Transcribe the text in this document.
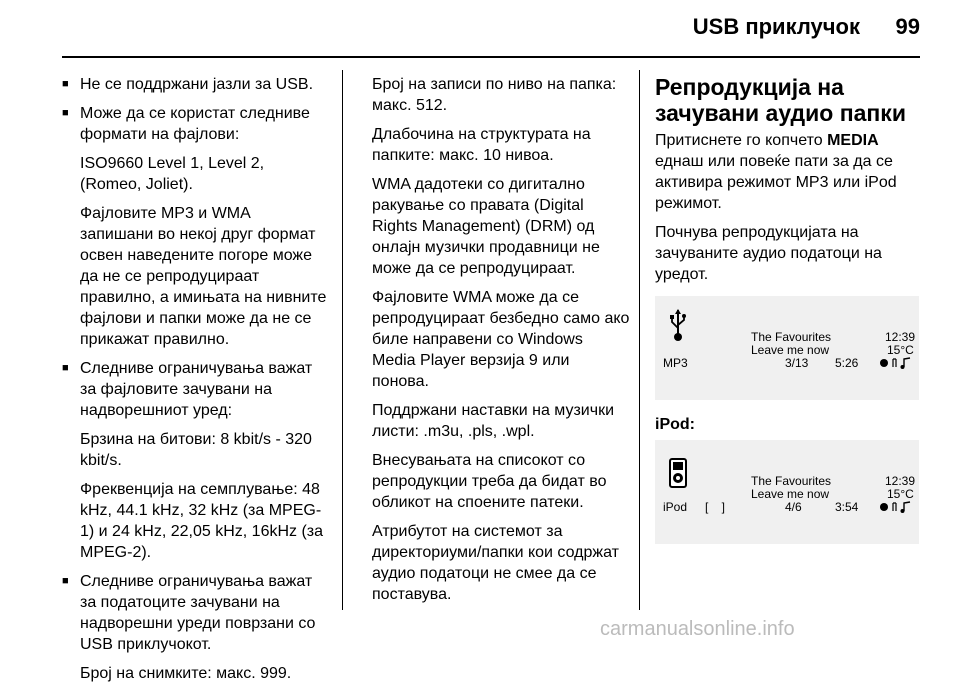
USB приклучок 99
■ Не се поддржани јазли за USB.
■ Може да се користат следниве формати на фајлови:

ISO9660 Level 1, Level 2, (Romeo, Joliet).

Фајловите MP3 и WMA запишани во некој друг формат освен наведените погоре може да не се репродуцираат правилно, а имињата на нивните фајлови и папки може да не се прикажат правилно.

■ Следниве ограничувања важат за фајловите зачувани на надворешниот уред:

Брзина на битови: 8 kbit/s - 320 kbit/s.

Фреквенција на семплување: 48 kHz, 44.1 kHz, 32 kHz (за MPEG-1) и 24 kHz, 22,05 kHz, 16kHz (за MPEG-2).

■ Следниве ограничувања важат за податоците зачувани на надворешни уреди поврзани со USB приклучокот.

Број на снимките: макс. 999.

Број на записи по ниво на папка: макс. 512.

Длабочина на структурата на папките: макс. 10 нивоа.

WMA дадотеки со дигитално ракување со правата (Digital Rights Management) (DRM) од онлајн музички продавници не може да се репродуцираат.

Фајловите WMA може да се репродуцираат безбедно само ако биле направени со Windows Media Player верзија 9 или понова.

Поддржани наставки на музички листи: .m3u, .pls, .wpl.

Внесувањата на списокот со репродукции треба да бидат во обликот на споените патеки.

Атрибутот на системот за директориуми/папки кои содржат аудио податоци не смее да се поставува.

Репродукција на зачувани аудио папки

Притиснете го копчето MEDIA еднаш или повеќе пати за да се активира режимот MP3 или iPod режимот.

Почнува репродукцијата на зачуваните аудио податоци на уредот.

The Favourites	12:39
Leave me now	15°C
MP3	3/13 5:26

iPod:

The Favourites	12:39
Leave me now	15°C
iPod [    ]	4/6	3:54
carmanualsonline.info
